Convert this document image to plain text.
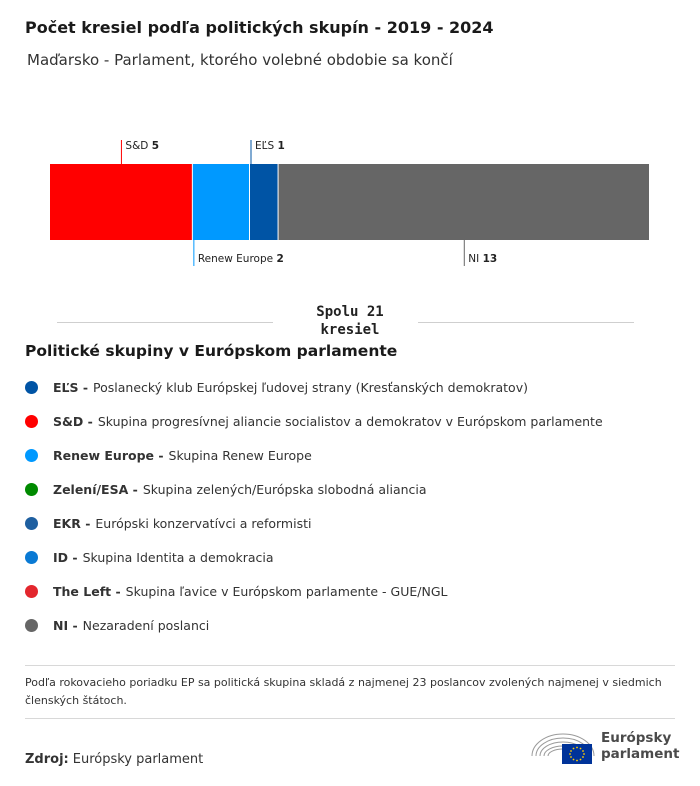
Počet kresiel podľa politických skupín - 2019 - 2024
Maďarsko - Parlament, ktorého volebné obdobie sa končí
S&D 5
Renew Europe 2
EĽS 1
NI 13
Spolu 21
kresiel
Politické skupiny v Európskom parlamente
EĽS - Poslanecký klub Európskej ľudovej strany (Kresťanských demokratov)
S&D - Skupina progresívnej aliancie socialistov a demokratov v Európskom parlamente
Renew Europe - Skupina Renew Europe
Zelení/ESA - Skupina zelených/Európska slobodná aliancia
EKR - Európski konzervatívci a reformisti
ID - Skupina Identita a demokracia
The Left - Skupina ľavice v Európskom parlamente - GUE/NGL
NI - Nezaradení poslanci
Podľa rokovacieho poriadku EP sa politická skupina skladá z najmenej 23 poslancov zvolených najmenej v siedmich členských štátoch.
Zdroj: Európsky parlament
Európsky
parlament
